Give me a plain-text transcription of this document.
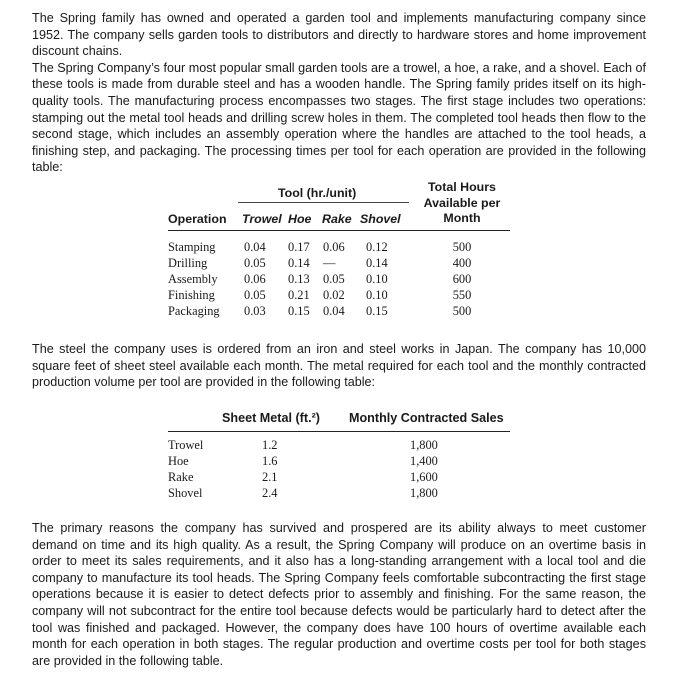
The Spring family has owned and operated a garden tool and implements manufacturing company since 1952. The company sells garden tools to distributors and directly to hardware stores and home improvement discount chains.

The Spring Company’s four most popular small garden tools are a trowel, a hoe, a rake, and a shovel. Each of these tools is made from durable steel and has a wooden handle. The Spring family prides itself on its high-quality tools. The manufacturing process encompasses two stages. The first stage includes two operations: stamping out the metal tool heads and drilling screw holes in them. The completed tool heads then flow to the second stage, which includes an assembly operation where the handles are attached to the tool heads, a finishing step, and packaging. The processing times per tool for each operation are provided in the following table:

Tool (hr./unit)	Total Hours
Available per
Month
Operation Trowel Hoe Rake Shovel
Stamping	0.04	0.17	0.06	0.12	500
Drilling	0.05	0.14	—	0.14	400
Assembly	0.06	0.13	0.05	0.10	600
Finishing	0.05	0.21	0.02	0.10	550
Packaging	0.03	0.15	0.04	0.15	500

The steel the company uses is ordered from an iron and steel works in Japan. The company has 10,000 square feet of sheet steel available each month. The metal required for each tool and the monthly contracted production volume per tool are provided in the following table:

Sheet Metal (ft.²) Monthly Contracted Sales
Trowel	1.2	1,800
Hoe	1.6	1,400
Rake	2.1	1,600
Shovel	2.4	1,800

The primary reasons the company has survived and prospered are its ability always to meet customer demand on time and its high quality. As a result, the Spring Company will produce on an overtime basis in order to meet its sales requirements, and it also has a long-standing arrangement with a local tool and die company to manufacture its tool heads. The Spring Company feels comfortable subcontracting the first stage operations because it is easier to detect defects prior to assembly and finishing. For the same reason, the company will not subcontract for the entire tool because defects would be particularly hard to detect after the tool was finished and packaged. However, the company does have 100 hours of overtime available each month for each operation in both stages. The regular production and overtime costs per tool for both stages are provided in the following table.
